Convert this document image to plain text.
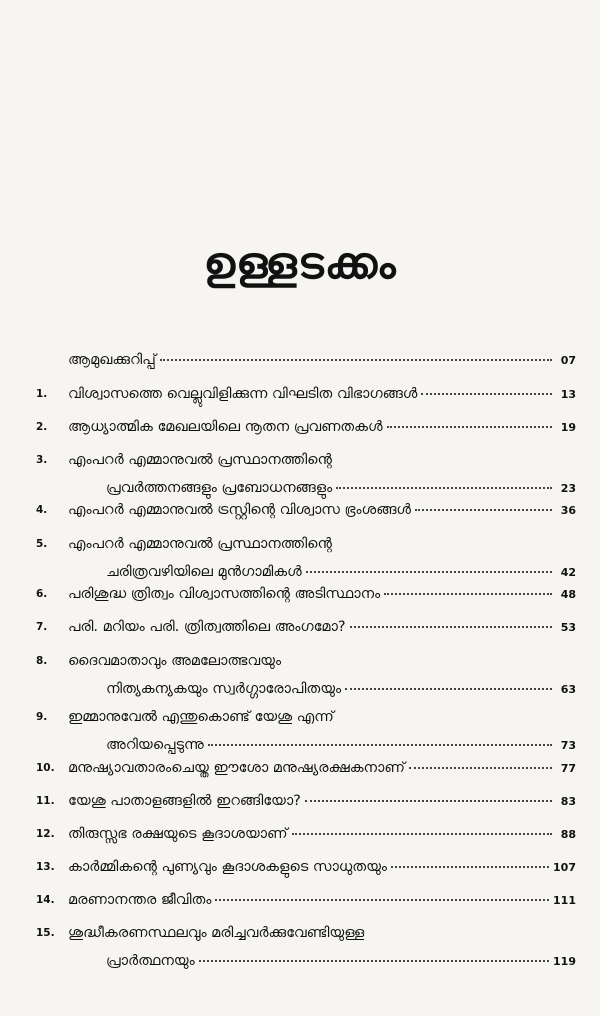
ഉള്ളടക്കം
ആമുഖക്കുറിപ്പ്	07
1.	വിശ്വാസത്തെ വെല്ലുവിളിക്കുന്ന വിഘടിത വിഭാഗങ്ങൾ	13
2.	ആധ്യാത്മിക മേഖലയിലെ നൂതന പ്രവണതകൾ	19
3.	എംപറർ എമ്മാനുവൽ പ്രസ്ഥാനത്തിന്റെ
പ്രവർത്തനങ്ങളും പ്രബോധനങ്ങളും	23
4.	എംപറർ എമ്മാനുവൽ ട്രസ്റ്റിന്റെ വിശ്വാസ ഭ്രംശങ്ങൾ	36
5.	എംപറർ എമ്മാനുവൽ പ്രസ്ഥാനത്തിന്റെ
ചരിത്രവഴിയിലെ മുൻഗാമികൾ	42
6.	പരിശുദ്ധ ത്രിത്വം വിശ്വാസത്തിന്റെ അടിസ്ഥാനം	48
7.	പരി. മറിയം പരി. ത്രിത്വത്തിലെ അംഗമോ?	53
8.	ദൈവമാതാവും അമലോത്ഭവയും
നിത്യകന്യകയും സ്വർഗ്ഗാരോപിതയും	63
9.	ഇമ്മാനുവേൽ എന്തുകൊണ്ട് യേശു എന്ന്
അറിയപ്പെടുന്നു	73
10. മനുഷ്യാവതാരംചെയ്ത ഈശോ മനുഷ്യരക്ഷകനാണ്	77
11. യേശു പാതാളങ്ങളിൽ ഇറങ്ങിയോ?	83
12. തിരുസ്സഭ രക്ഷയുടെ കൂദാശയാണ്	88
13. കാർമ്മികന്റെ പുണ്യവും കൂദാശകളുടെ സാധുതയും	107
14. മരണാനന്തര ജീവിതം	111
15. ശുദ്ധീകരണസ്ഥലവും മരിച്ചവർക്കുവേണ്ടിയുള്ള
പ്രാർത്ഥനയും	119
